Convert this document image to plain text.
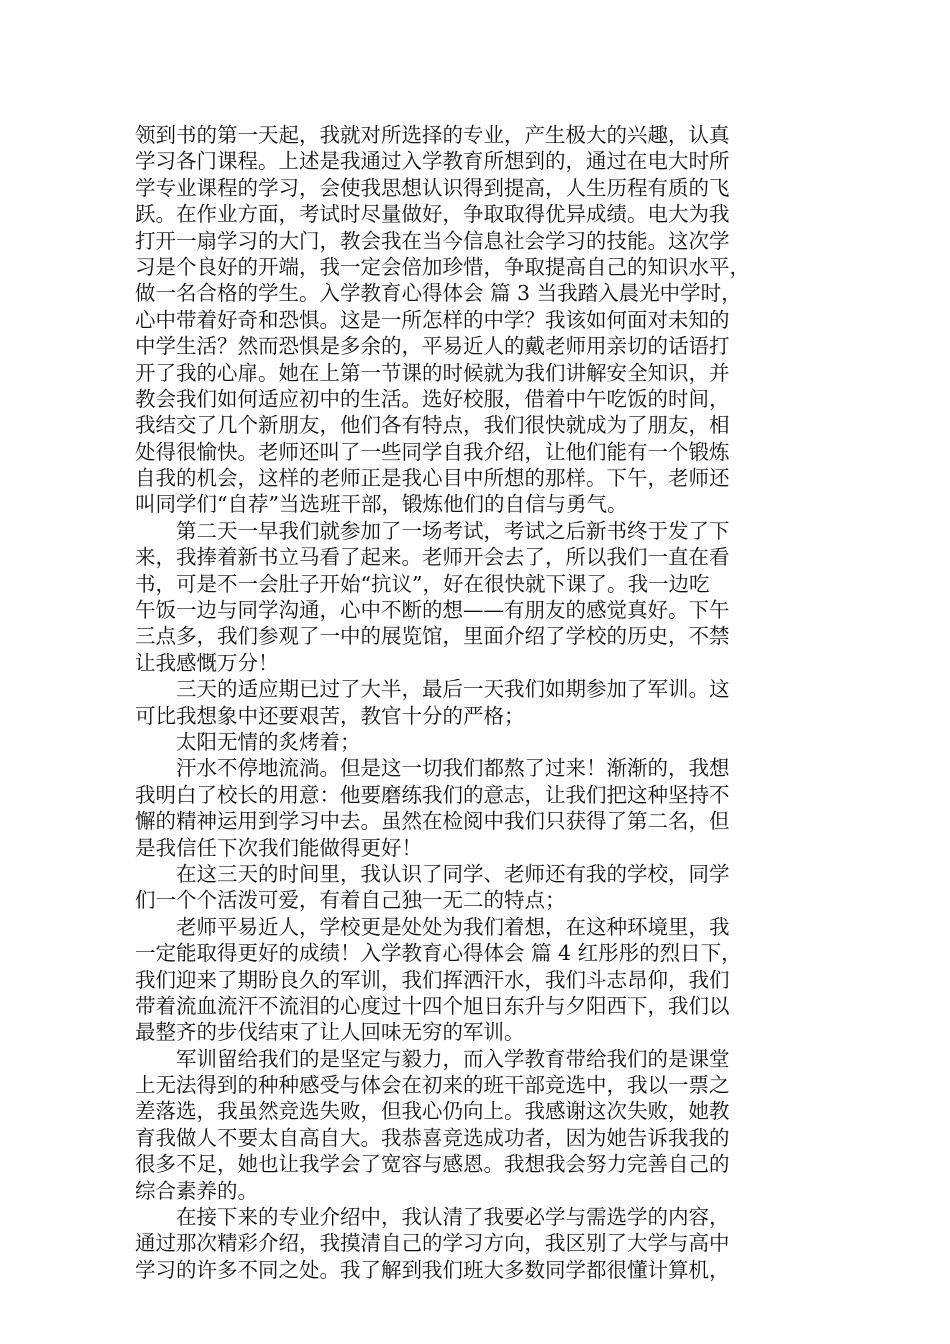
领到书的第一天起，我就对所选择的专业，产生极大的兴趣，认真
学习各门课程。上述是我通过入学教育所想到的，通过在电大时所
学专业课程的学习，会使我思想认识得到提高，人生历程有质的飞
跃。在作业方面，考试时尽量做好，争取取得优异成绩。电大为我
打开一扇学习的大门，教会我在当今信息社会学习的技能。这次学
习是个良好的开端，我一定会倍加珍惜，争取提高自己的知识水平，
做一名合格的学生。入学教育心得体会 篇 3 当我踏入晨光中学时，
心中带着好奇和恐惧。这是一所怎样的中学？我该如何面对未知的
中学生活？然而恐惧是多余的，平易近人的戴老师用亲切的话语打
开了我的心扉。她在上第一节课的时候就为我们讲解安全知识，并
教会我们如何适应初中的生活。选好校服，借着中午吃饭的时间，
我结交了几个新朋友，他们各有特点，我们很快就成为了朋友，相
处得很愉快。老师还叫了一些同学自我介绍，让他们能有一个锻炼
自我的机会，这样的老师正是我心目中所想的那样。下午，老师还
叫同学们“自荐”当选班干部，锻炼他们的自信与勇气。
第二天一早我们就参加了一场考试，考试之后新书终于发了下
来，我捧着新书立马看了起来。老师开会去了，所以我们一直在看
书，可是不一会肚子开始“抗议”，好在很快就下课了。我一边吃
午饭一边与同学沟通，心中不断的想——有朋友的感觉真好。下午
三点多，我们参观了一中的展览馆，里面介绍了学校的历史，不禁
让我感慨万分！
三天的适应期已过了大半，最后一天我们如期参加了军训。这
可比我想象中还要艰苦，教官十分的严格；
太阳无情的炙烤着；
汗水不停地流淌。但是这一切我们都熬了过来！渐渐的，我想
我明白了校长的用意：他要磨练我们的意志，让我们把这种坚持不
懈的精神运用到学习中去。虽然在检阅中我们只获得了第二名，但
是我信任下次我们能做得更好！
在这三天的时间里，我认识了同学、老师还有我的学校，同学
们一个个活泼可爱，有着自己独一无二的特点；
老师平易近人，学校更是处处为我们着想，在这种环境里，我
一定能取得更好的成绩！入学教育心得体会 篇 4 红彤彤的烈日下，
我们迎来了期盼良久的军训，我们挥洒汗水，我们斗志昂仰，我们
带着流血流汗不流泪的心度过十四个旭日东升与夕阳西下，我们以
最整齐的步伐结束了让人回味无穷的军训。
军训留给我们的是坚定与毅力，而入学教育带给我们的是课堂
上无法得到的种种感受与体会在初来的班干部竞选中，我以一票之
差落选，我虽然竞选失败，但我心仍向上。我感谢这次失败，她教
育我做人不要太自高自大。我恭喜竞选成功者，因为她告诉我我的
很多不足，她也让我学会了宽容与感恩。我想我会努力完善自己的
综合素养的。
在接下来的专业介绍中，我认清了我要必学与需选学的内容，
通过那次精彩介绍，我摸清自己的学习方向，我区别了大学与高中
学习的许多不同之处。我了解到我们班大多数同学都很懂计算机，
